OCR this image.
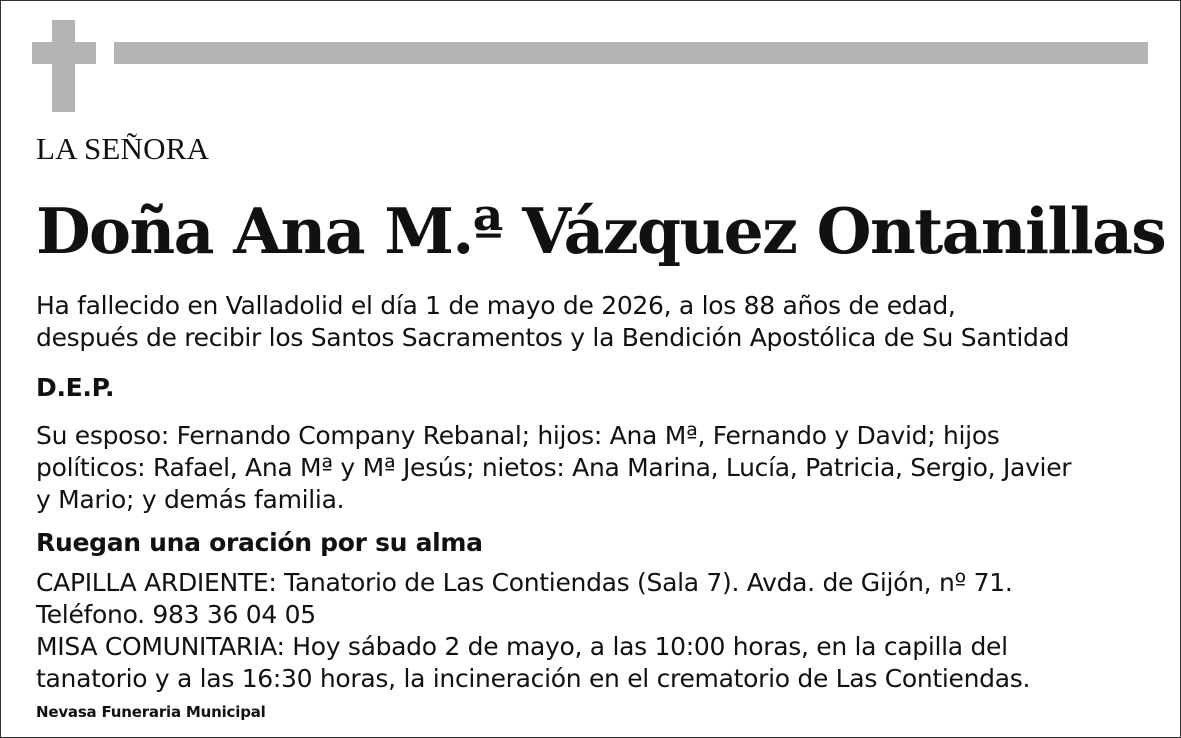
LA SEÑORA

Doña Ana M.ª Vázquez Ontanillas
Ha fallecido en Valladolid el día 1 de mayo de 2026, a los 88 años de edad,
después de recibir los Santos Sacramentos y la Bendición Apostólica de Su Santidad
D.E.P.
Su esposo: Fernando Company Rebanal; hijos: Ana Mª, Fernando y David; hijos
políticos: Rafael, Ana Mª y Mª Jesús; nietos: Ana Marina, Lucía, Patricia, Sergio, Javier
y Mario; y demás familia.
Ruegan una oración por su alma
CAPILLA ARDIENTE: Tanatorio de Las Contiendas (Sala 7). Avda. de Gijón, nº 71.
Teléfono. 983 36 04 05
MISA COMUNITARIA: Hoy sábado 2 de mayo, a las 10:00 horas, en la capilla del
tanatorio y a las 16:30 horas, la incineración en el crematorio de Las Contiendas.
Nevasa Funeraria Municipal
